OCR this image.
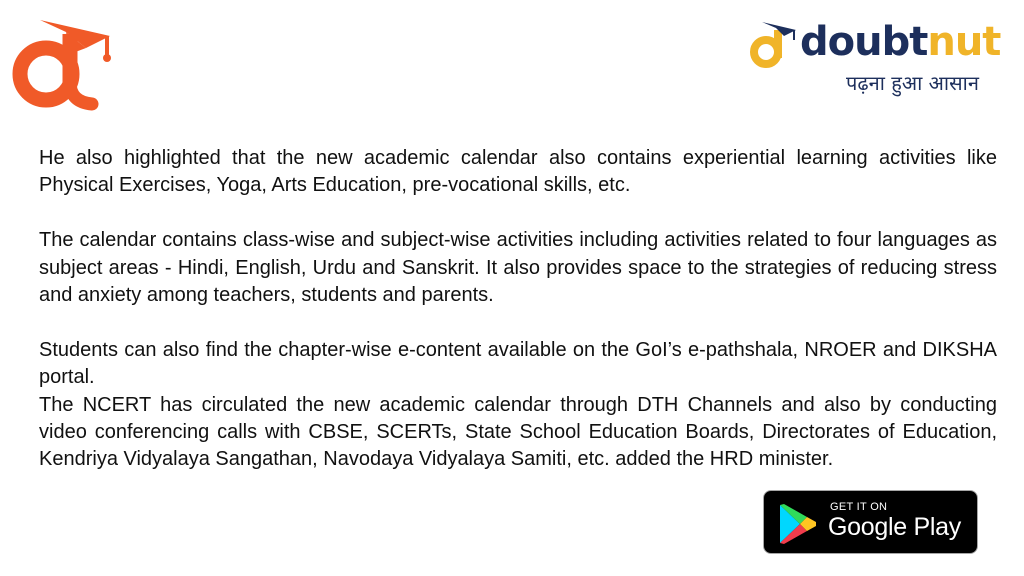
doubtnut
पढ़ना हुआ आसान

He also highlighted that the new academic calendar also contains experiential learning activities like Physical Exercises, Yoga, Arts Education, pre-vocational skills, etc.

The calendar contains class-wise and subject-wise activities including activities related to four languages as subject areas - Hindi, English, Urdu and Sanskrit. It also provides space to the strategies of reducing stress and anxiety among teachers, students and parents.

Students can also find the chapter-wise e-content available on the GoI’s e-pathshala, NROER and DIKSHA portal.

The NCERT has circulated the new academic calendar through DTH Channels and also by conducting video conferencing calls with CBSE, SCERTs, State School Education Boards, Directorates of Education, Kendriya Vidyalaya Sangathan, Navodaya Vidyalaya Samiti, etc. added the HRD minister.

GET IT ON
Google Play
